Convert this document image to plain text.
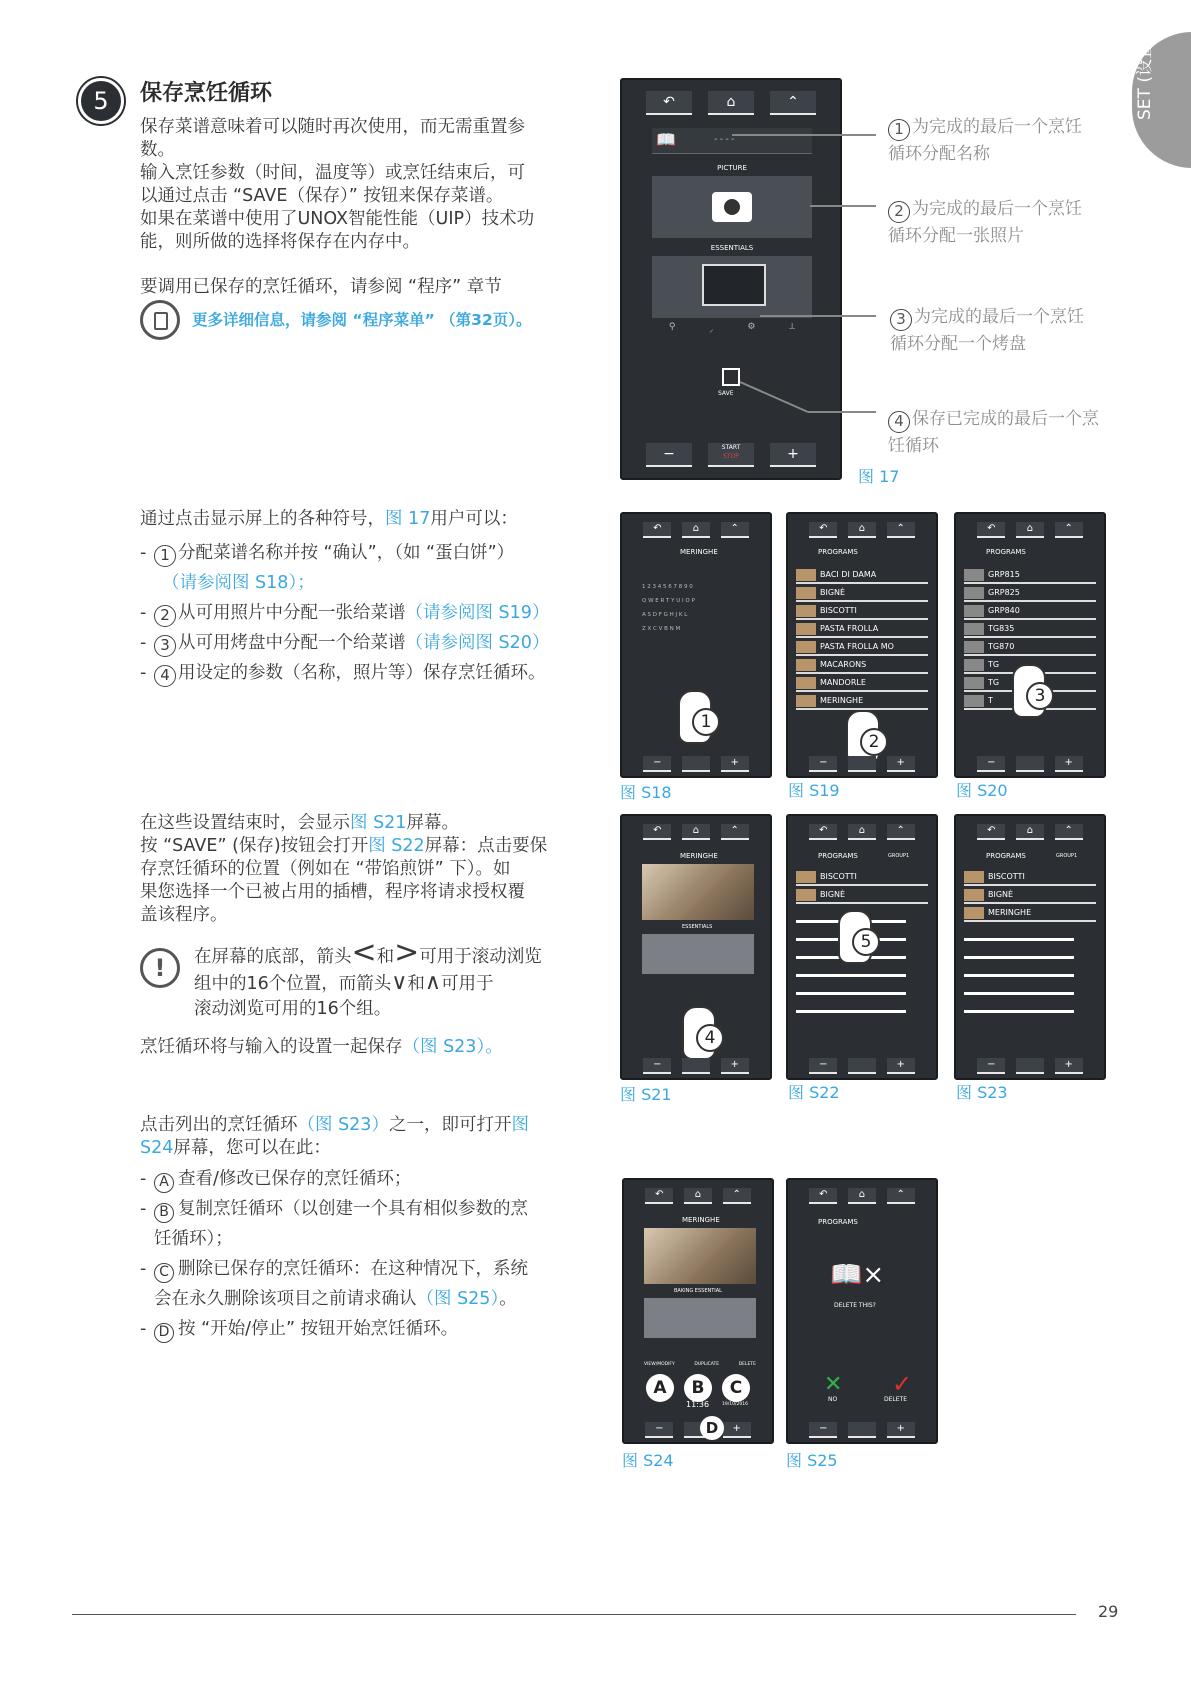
SET (设置)
5	保存烹饪循环
保存菜谱意味着可以随时再次使用，而无需重置参
数。
输入烹饪参数（时间，温度等）或烹饪结束后，可
以通过点击 “SAVE（保存）” 按钮来保存菜谱。
如果在菜谱中使用了UNOX智能性能（UIP）技术功
能，则所做的选择将保存在内存中。
要调用已保存的烹饪循环，请参阅 “程序” 章节
更多详细信息，请参阅 “程序菜单” （第32页）。
↶	⌂	⌃
📖	----
PICTURE
ESSENTIALS
⚲	⸝	⚙	⟂
SAVE
−	START
STOP	+
图 17
1 为完成的最后一个烹饪
循环分配名称
2 为完成的最后一个烹饪
循环分配一张照片
3 为完成的最后一个烹饪
循环分配一个烤盘
4 保存已完成的最后一个烹
饪循环
通过点击显示屏上的各种符号，图 17用户可以：
- 1 分配菜谱名称并按 “确认”，（如 “蛋白饼”）
（请参阅图 S18）；
- 2 从可用照片中分配一张给菜谱（请参阅图 S19）
- 3 从可用烤盘中分配一个给菜谱（请参阅图 S20）
- 4 用设定的参数（名称，照片等）保存烹饪循环。
在这些设置结束时，会显示图 S21屏幕。
按 “SAVE” (保存)按钮会打开图 S22屏幕：点击要保
存烹饪循环的位置（例如在 “带馅煎饼” 下）。如
果您选择一个已被占用的插槽，程序将请求授权覆
盖该程序。
!	在屏幕的底部，箭头<和>可用于滚动浏览
组中的16个位置，而箭头∨和∧可用于
滚动浏览可用的16个组。
烹饪循环将与输入的设置一起保存（图 S23）。
点击列出的烹饪循环（图 S23）之一，即可打开图
S24屏幕，您可以在此：
- A 查看/修改已保存的烹饪循环；
- B 复制烹饪循环（以创建一个具有相似参数的烹
饪循环）；
- C 删除已保存的烹饪循环：在这种情况下，系统
会在永久删除该项目之前请求确认（图 S25）。
- D 按 “开始/停止” 按钮开始烹饪循环。
↶	⌂	⌃
MERINGHE
1 2 3 4 5 6 7 8 9 0
Q W E R T Y U I O P
A S D F G H J K L
Z X C V B N M
1
−	+
图 S18
↶	⌂	⌃
PROGRAMS
BACI DI DAMA
BIGNÈ
BISCOTTI
PASTA FROLLA
PASTA FROLLA MO
MACARONS
MANDORLE
MERINGHE
2
−	+
图 S19
↶	⌂	⌃
PROGRAMS
GRP815
GRP825
GRP840
TG835
TG870
TG
TG
T	3
−	+
图 S20
↶	⌂	⌃
MERINGHE
ESSENTIALS
4
−	+
图 S21
↶	⌂	⌃
PROGRAMS	GROUP1
BISCOTTI
BIGNÈ
5
−	+
图 S22
↶	⌂	⌃
PROGRAMS	GROUP1
BISCOTTI
BIGNÈ
MERINGHE
−	+
图 S23
↶	⌂	⌃
MERINGHE
BAKING ESSENTIAL
VIEW/MODIFY	DUPLICATE	DELETE
A	B	C
11:36	19/10/2016
−	+
D
图 S24
↶	⌂	⌃
PROGRAMS
📖×
DELETE THIS?
✕
NO
✓
DELETE
−	+
图 S25
29
